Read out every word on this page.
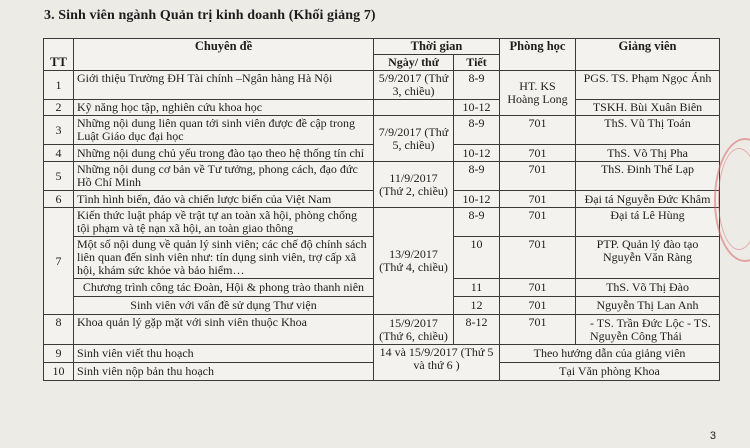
3. Sinh viên ngành Quản trị kinh doanh (Khối giảng 7)
TT	Chuyên đề	Thời gian		Phòng học	Giảng viên
		Ngày/ thứ	Tiết		
1	Giới thiệu Trường ĐH Tài chính –Ngân hàng Hà Nội	5/9/2017 (Thứ 3, chiều)	8-9	HT. KS Hoàng Long	PGS. TS. Phạm Ngọc Ánh
2	Kỹ năng học tập, nghiên cứu khoa học		10-12		TSKH. Bùi Xuân Biên
3	Những nội dung liên quan tới sinh viên được đề cập trong Luật Giáo dục đại học	7/9/2017 (Thứ 5, chiều)	8-9	701	ThS. Vũ Thị Toán
4	Những nội dung chủ yếu trong đào tạo theo hệ thống tín chỉ		10-12	701	ThS. Võ Thị Pha
5	Những nội dung cơ bản về Tư tưởng, phong cách, đạo đức Hồ Chí Minh	11/9/2017 (Thứ 2, chiều)	8-9	701	ThS. Đinh Thế Lạp
6	Tình hình biển, đảo và chiến lược biển của Việt Nam		10-12	701	Đại tá Nguyễn Đức Khâm
7	Kiến thức luật pháp về trật tự an toàn xã hội, phòng chống tội phạm và tệ nạn xã hội, an toàn giao thông	13/9/2017 (Thứ 4, chiều)	8-9	701	Đại tá Lê Hùng
	Một số nội dung về quản lý sinh viên; các chế độ chính sách liên quan đến sinh viên như: tín dụng sinh viên, trợ cấp xã hội, khám sức khỏe và bảo hiểm…		10	701	PTP. Quản lý đào tạo Nguyễn Văn Ràng
	Chương trình công tác Đoàn, Hội & phong trào thanh niên		11	701	ThS. Võ Thị Đào
	Sinh viên với vấn đề sử dụng Thư viện		12	701	Nguyễn Thị Lan Anh
8	Khoa quản lý gặp mặt với sinh viên thuộc Khoa	15/9/2017 (Thứ 6, chiều)	8-12	701	- TS. Trần Đức Lộc - TS. Nguyễn Công Thái
9	Sinh viên viết thu hoạch	14 và 15/9/2017 (Thứ 5 và thứ 6 )		Theo hướng dẫn của giảng viên	
10	Sinh viên nộp bản thu hoạch			Tại Văn phòng Khoa	
3
